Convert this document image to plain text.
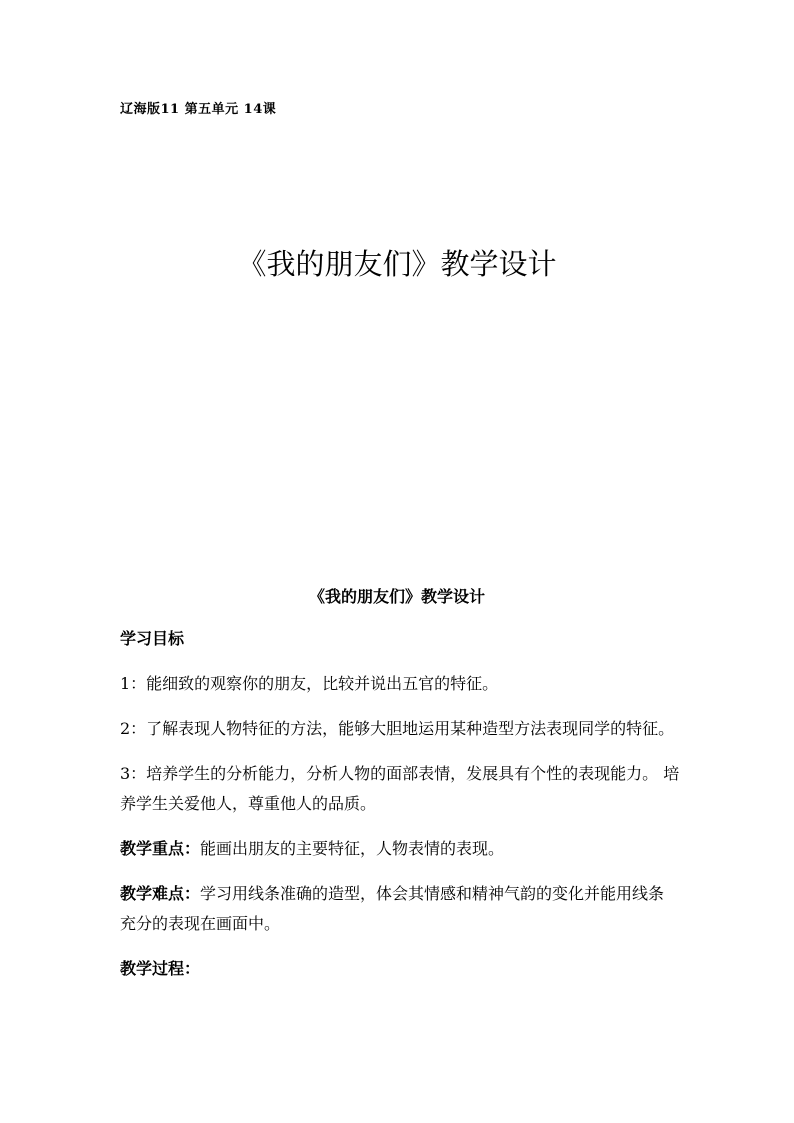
辽海版11 第五单元 14课
《我的朋友们》教学设计
《我的朋友们》教学设计

学习目标

1：能细致的观察你的朋友，比较并说出五官的特征。

2：了解表现人物特征的方法，能够大胆地运用某种造型方法表现同学的特征。

3：培养学生的分析能力，分析人物的面部表情，发展具有个性的表现能力。 培养学生关爱他人，尊重他人的品质。

教学重点：能画出朋友的主要特征，人物表情的表现。

教学难点：学习用线条准确的造型，体会其情感和精神气韵的变化并能用线条充分的表现在画面中。

教学过程：
